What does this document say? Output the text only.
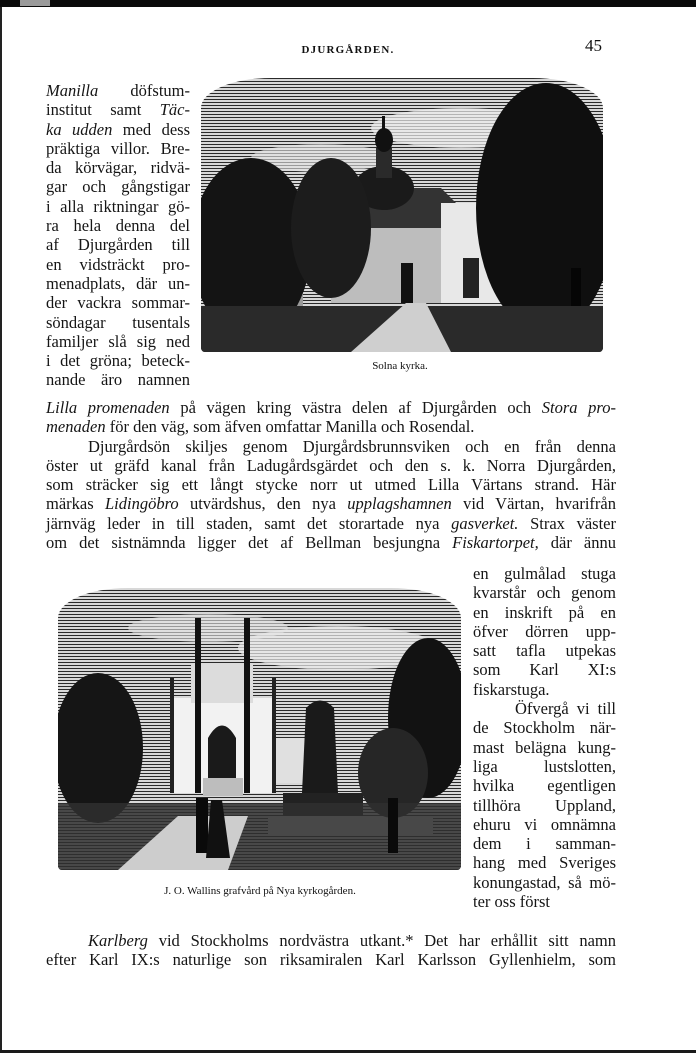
DJURGÅRDEN.	45
Solna kyrka.
Manilla döfstum-
institut samt Täc-
ka udden med dess
präktiga villor. Bre-
da körvägar, ridvä-
gar och gångstigar
i alla riktningar gö-
ra hela denna del
af Djurgården till
en vidsträckt pro-
menadplats, där un-
der vackra sommar-
söndagar tusentals
familjer slå sig ned
i det gröna; beteck-
nande äro namnen
Lilla promenaden på vägen kring västra delen af Djurgården och Stora pro-
menaden för den väg, som äfven omfattar Manilla och Rosendal.
Djurgårdsön skiljes genom Djurgårdsbrunnsviken och en från denna
öster ut gräfd kanal från Ladugårdsgärdet och den s. k. Norra Djurgården,
som sträcker sig ett långt stycke norr ut utmed Lilla Värtans strand. Här
märkas Lidingöbro utvärdshus, den nya upplagshamnen vid Värtan, hvarifrån
järnväg leder in till staden, samt det storartade nya gasverket. Strax väster
om det sistnämnda ligger det af Bellman besjungna Fiskartorpet, där ännu
J. O. Wallins grafvård på Nya kyrkogården.
en gulmålad stuga
kvarstår och genom
en inskrift på en
öfver dörren upp-
satt tafla utpekas
som Karl XI:s
fiskarstuga.
Öfvergå vi till
de Stockholm när-
mast belägna kung-
liga lustslotten,
hvilka egentligen
tillhöra Uppland,
ehuru vi omnämna
dem i samman-
hang med Sveriges
konungastad, så mö-
ter oss först
Karlberg vid Stockholms nordvästra utkant.* Det har erhållit sitt namn
efter Karl IX:s naturlige son riksamiralen Karl Karlsson Gyllenhielm, som
